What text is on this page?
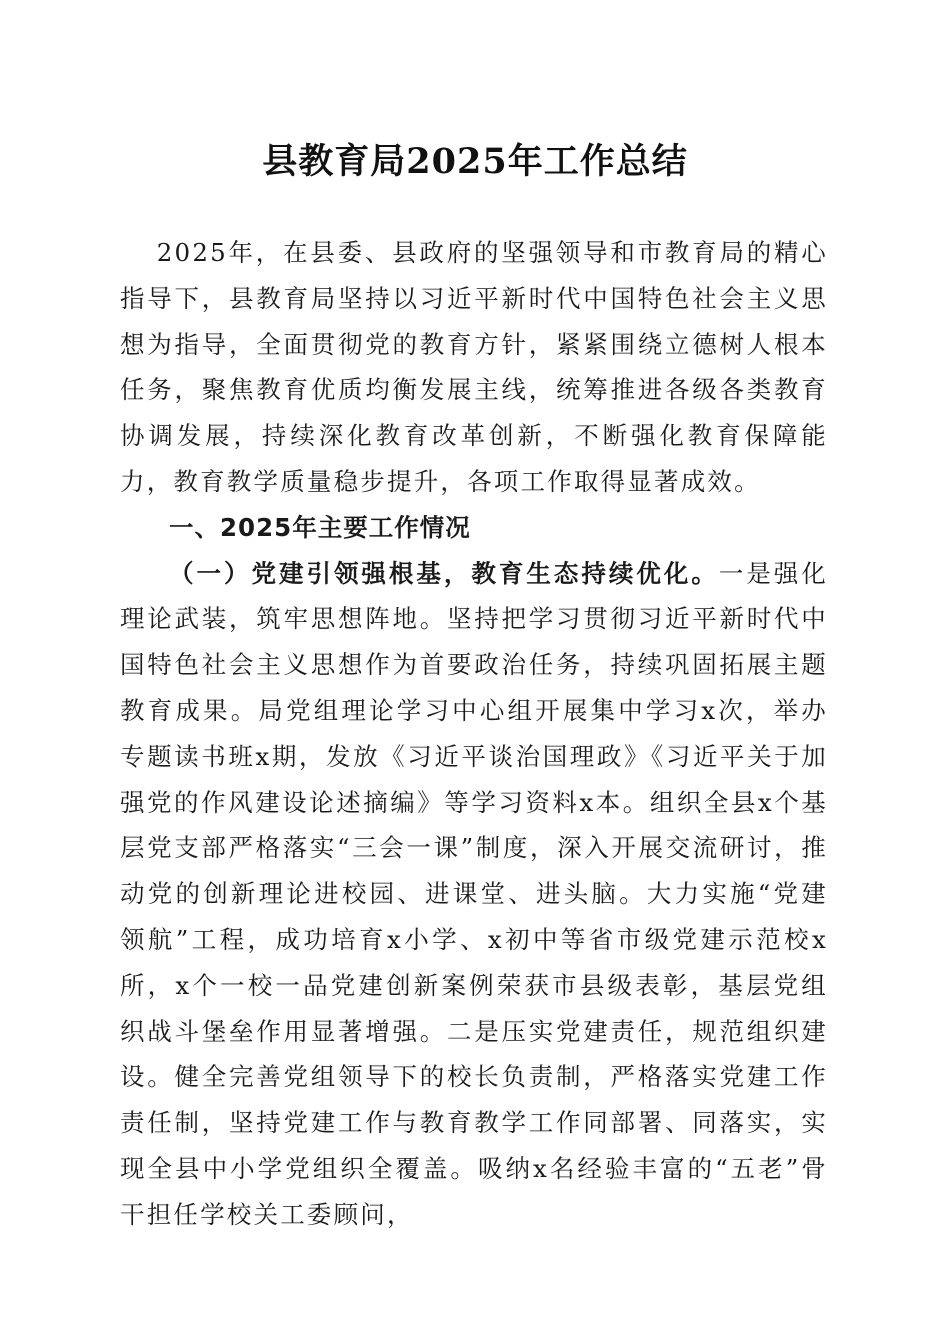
县教育局2025年工作总结

2025年，在县委、县政府的坚强领导和市教育局的精心指导下，县教育局坚持以习近平新时代中国特色社会主义思想为指导，全面贯彻党的教育方针，紧紧围绕立德树人根本任务，聚焦教育优质均衡发展主线，统筹推进各级各类教育协调发展，持续深化教育改革创新，不断强化教育保障能力，教育教学质量稳步提升，各项工作取得显著成效。

一、2025年主要工作情况

（一）党建引领强根基，教育生态持续优化。一是强化理论武装，筑牢思想阵地。坚持把学习贯彻习近平新时代中国特色社会主义思想作为首要政治任务，持续巩固拓展主题教育成果。局党组理论学习中心组开展集中学习x次，举办专题读书班x期，发放《习近平谈治国理政》《习近平关于加强党的作风建设论述摘编》等学习资料x本。组织全县x个基层党支部严格落实“三会一课”制度，深入开展交流研讨，推动党的创新理论进校园、进课堂、进头脑。大力实施“党建领航”工程，成功培育x小学、x初中等省市级党建示范校x所，x个一校一品党建创新案例荣获市县级表彰，基层党组织战斗堡垒作用显著增强。二是压实党建责任，规范组织建设。健全完善党组领导下的校长负责制，严格落实党建工作责任制，坚持党建工作与教育教学工作同部署、同落实，实现全县中小学党组织全覆盖。吸纳x名经验丰富的“五老”骨干担任学校关工委顾问，
